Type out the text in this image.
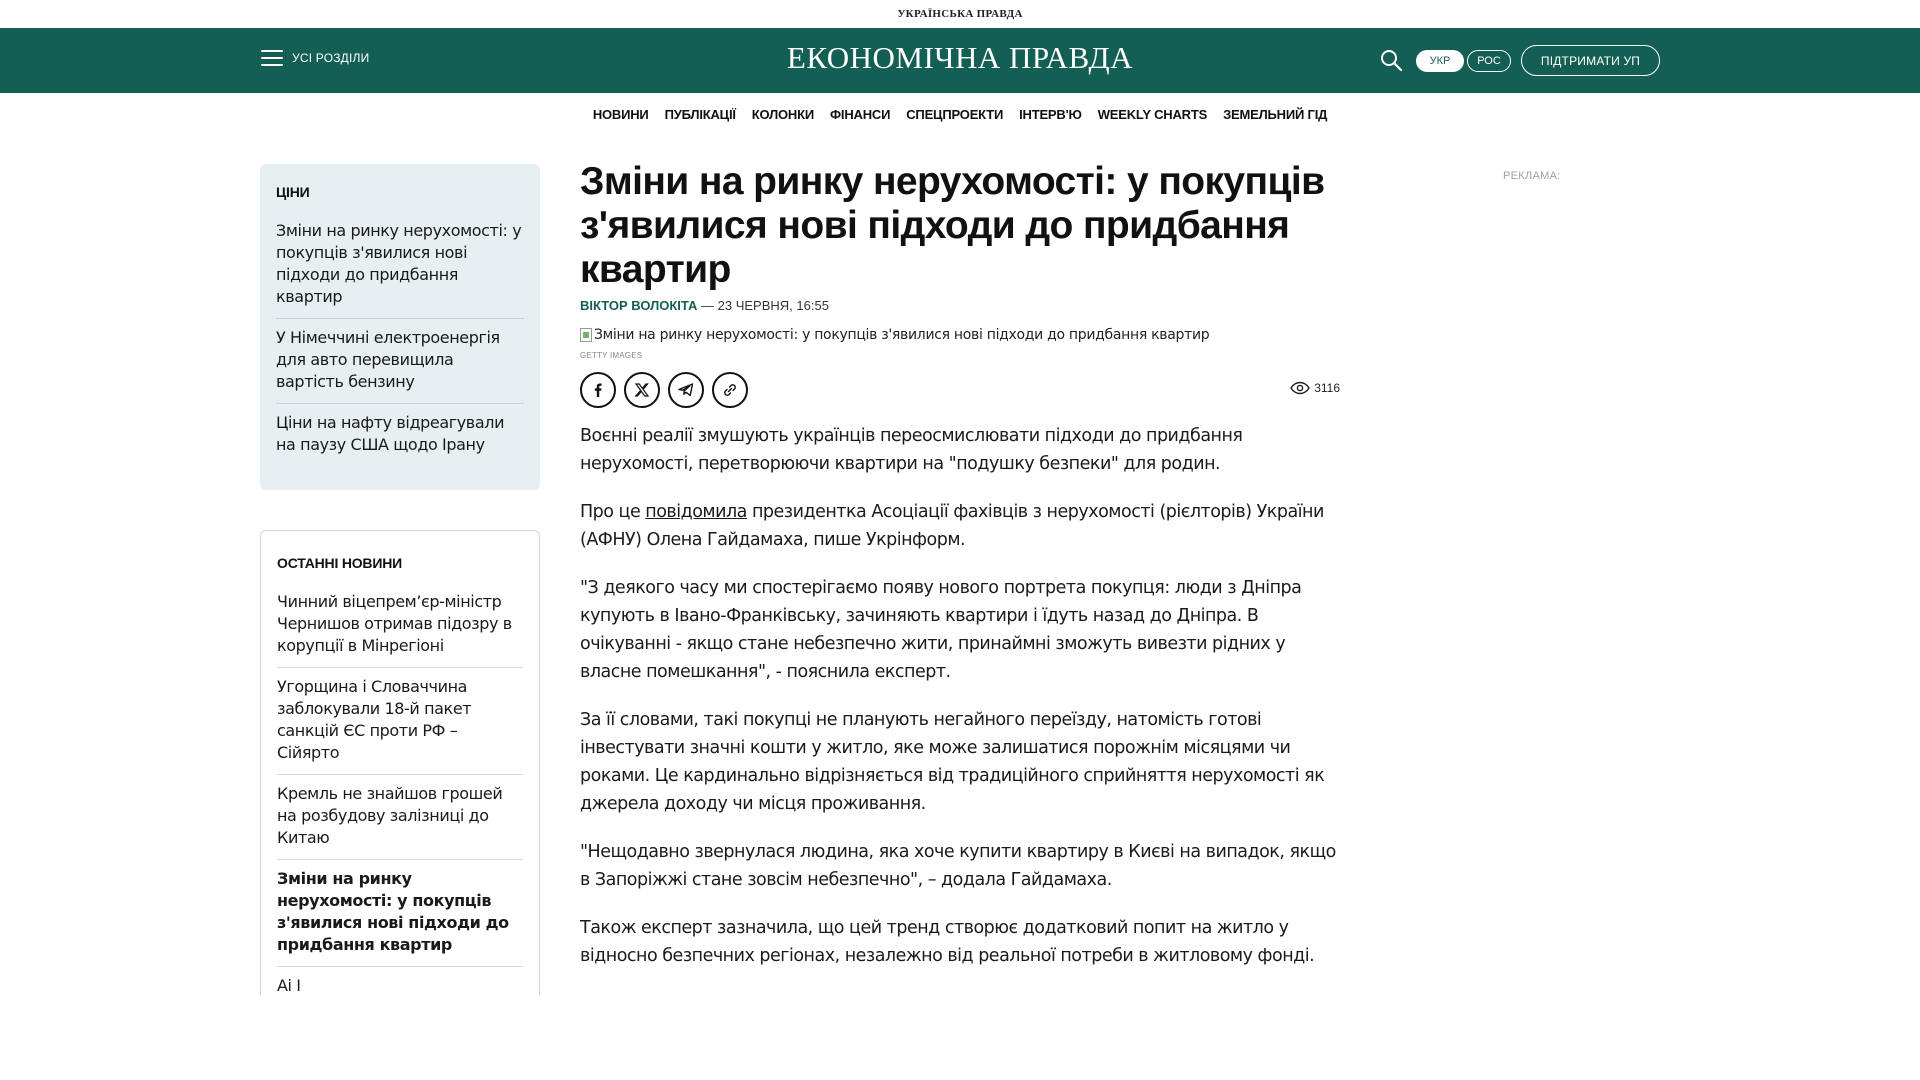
УКРАЇНСЬКА ПРАВДА
УСІ РОЗДІЛИ	ЕКОНОМІЧНА ПРАВДА	УКР	РОС	ПІДТРИМАТИ УП
НОВИНИ ПУБЛІКАЦІЇ КОЛОНКИ ФІНАНСИ СПЕЦПРОЕКТИ ІНТЕРВ'Ю WEEKLY CHARTS ЗЕМЕЛЬНИЙ ГІД
ЦІНИ
Зміни на ринку нерухомості: у покупців з'явилися нові підходи до придбання квартир
У Німеччині електроенергія для авто перевищила вартість бензину
Ціни на нафту відреагували на паузу США щодо Ірану
ОСТАННІ НОВИНИ
Чинний віцепрем’єр-міністр Чернишов отримав підозру в корупції в Мінрегіоні
Угорщина і Словаччина заблокували 18-й пакет санкцій ЄС проти РФ – Сійярто
Кремль не знайшов грошей на розбудову залізниці до Китаю
Зміни на ринку нерухомості: у покупців з'явилися нові підходи до придбання квартир
Ai I
Зміни на ринку нерухомості: у покупців з'явилися нові підходи до придбання квартир
ВІКТОР ВОЛОКІТА — 23 ЧЕРВНЯ, 16:55
Зміни на ринку нерухомості: у покупців з'явилися нові підходи до придбання квартир
GETTY IMAGES
3116

Воєнні реалії змушують українців переосмислювати підходи до придбання нерухомості, перетворюючи квартири на "подушку безпеки" для родин.

Про це повідомила президентка Асоціації фахівців з нерухомості (рієлторів) України (АФНУ) Олена Гайдамаха, пише Укрінформ.

"З деякого часу ми спостерігаємо появу нового портрета покупця: люди з Дніпра купують в Івано-Франківську, зачиняють квартири і їдуть назад до Дніпра. В очікуванні - якщо стане небезпечно жити, принаймні зможуть вивезти рідних у власне помешкання", - пояснила експерт.

За її словами, такі покупці не планують негайного переїзду, натомість готові інвестувати значні кошти у житло, яке може залишатися порожнім місяцями чи роками. Це кардинально відрізняється від традиційного сприйняття нерухомості як джерела доходу чи місця проживання.

"Нещодавно звернулася людина, яка хоче купити квартиру в Києві на випадок, якщо в Запоріжжі стане зовсім небезпечно", – додала Гайдамаха.

Також експерт зазначила, що цей тренд створює додатковий попит на житло у відносно безпечних регіонах, незалежно від реальної потреби в житловому фонді.

РЕКЛАМА:
